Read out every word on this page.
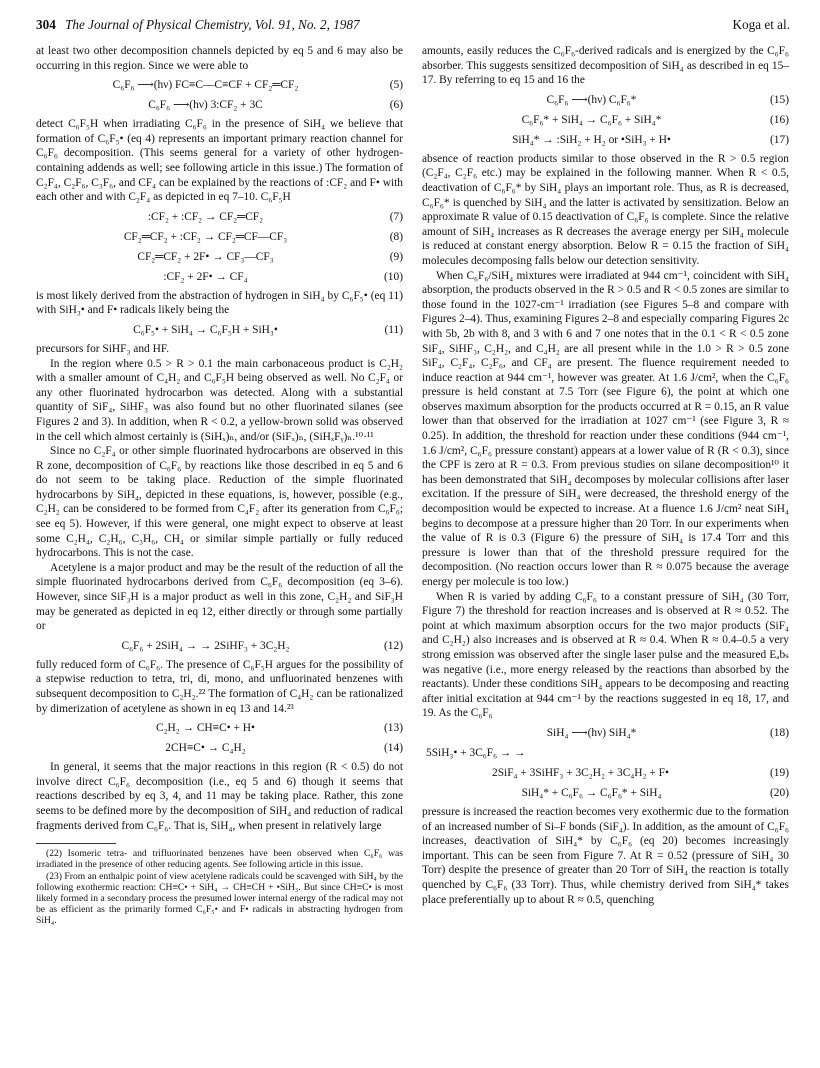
304 The Journal of Physical Chemistry, Vol. 91, No. 2, 1987	Koga et al.

at least two other decomposition channels depicted by eq 5 and 6 may also be occurring in this region. Since we were able to

C₆F₆ ⟶(hν) FC≡C—C≡CF + CF₂═CF₂	(5)
C₆F₆ ⟶(hν) 3:CF₂ + 3C	(6)

detect C₆F₅H when irradiating C₆F₆ in the presence of SiH₄ we believe that formation of C₆F₅• (eq 4) represents an important primary reaction channel for C₆F₆ decomposition. (This seems general for a variety of other hydrogen-containing addends as well; see following article in this issue.) The formation of C₂F₄, C₂F₆, C₃F₆, and CF₄ can be explained by the reactions of :CF₂ and F• with each other and with C₂F₄ as depicted in eq 7–10. C₆F₅H

:CF₂ + :CF₂ → CF₂═CF₂	(7)
CF₂═CF₂ + :CF₂ → CF₂═CF—CF₃	(8)
CF₂═CF₂ + 2F• → CF₃—CF₃	(9)
:CF₂ + 2F• → CF₄	(10)

is most likely derived from the abstraction of hydrogen in SiH₄ by C₆F₅• (eq 11) with SiH₃• and F• radicals likely being the

C₆F₅• + SiH₄ → C₆F₅H + SiH₃•	(11)

precursors for SiHF₃ and HF.

In the region where 0.5 > R > 0.1 the main carbonaceous product is C₂H₂ with a smaller amount of C₄H₂ and C₆F₅H being observed as well. No C₂F₄ or any other fluorinated hydrocarbon was detected. Along with a substantial quantity of SiF₄, SiHF₃ was also found but no other fluorinated silanes (see Figures 2 and 3). In addition, when R < 0.2, a yellow-brown solid was observed in the cell which almost certainly is (SiHₓ)ₙ, and/or (SiFₓ)ₙ, (SiHₓFᵧ)ₙ.¹⁰·¹¹

Since no C₂F₄ or other simple fluorinated hydrocarbons are observed in this R zone, decomposition of C₆F₆ by reactions like those described in eq 5 and 6 do not seem to be taking place. Reduction of the simple fluorinated hydrocarbons by SiH₄, depicted in these equations, is, however, possible (e.g., C₂H₂ can be considered to be formed from C₄F₂ after its generation from C₆F₆; see eq 5). However, if this were general, one might expect to observe at least some C₂H₄, C₂H₆, C₃H₆, CH₄ or similar simple partially or fully reduced hydrocarbons. This is not the case.

Acetylene is a major product and may be the result of the reduction of all the simple fluorinated hydrocarbons derived from C₆F₆ decomposition (eq 3–6). However, since SiF₃H is a major product as well in this zone, C₂H₂ and SiF₃H may be generated as depicted in eq 12, either directly or through some partially or

C₆F₆ + 2SiH₄ → → 2SiHF₃ + 3C₂H₂	(12)

fully reduced form of C₆F₆. The presence of C₆F₅H argues for the possibility of a stepwise reduction to tetra, tri, di, mono, and unfluorinated benzenes with subsequent decomposition to C₂H₂.²² The formation of C₄H₂ can be rationalized by dimerization of acetylene as shown in eq 13 and 14.²³

C₂H₂ → CH≡C• + H•	(13)
2CH≡C• → C₄H₂	(14)

In general, it seems that the major reactions in this region (R < 0.5) do not involve direct C₆F₆ decomposition (i.e., eq 5 and 6) though it seems that reactions described by eq 3, 4, and 11 may be taking place. Rather, this zone seems to be defined more by the decomposition of SiH₄ and reduction of radical fragments derived from C₆F₆. That is, SiH₄, when present in relatively large

(22) Isomeric tetra- and trifluorinated benzenes have been observed when C₆F₆ was irradiated in the presence of other reducing agents. See following article in this issue.

(23) From an enthalpic point of view acetylene radicals could be scavenged with SiH₄ by the following exothermic reaction: CH≡C• + SiH₄ → CH≡CH + •SiH₃. But since CH≡C• is most likely formed in a secondary process the presumed lower internal energy of the radical may not be as efficient as the primarily formed C₆F₅• and F• radicals in abstracting hydrogen from SiH₄.

amounts, easily reduces the C₆F₆-derived radicals and is energized by the C₆F₆ absorber. This suggests sensitized decomposition of SiH₄ as described in eq 15–17. By referring to eq 15 and 16 the

C₆F₆ ⟶(hν) C₆F₆*	(15)
C₆F₆* + SiH₄ → C₆F₆ + SiH₄*	(16)
SiH₄* → :SiH₂ + H₂ or •SiH₃ + H•	(17)

absence of reaction products similar to those observed in the R > 0.5 region (C₂F₄, C₂F₆ etc.) may be explained in the following manner. When R < 0.5, deactivation of C₆F₆* by SiH₄ plays an important role. Thus, as R is decreased, C₆F₆* is quenched by SiH₄ and the latter is activated by sensitization. Below an approximate R value of 0.15 deactivation of C₆F₆ is complete. Since the relative amount of SiH₄ increases as R decreases the average energy per SiH₄ molecule is reduced at constant energy absorption. Below R = 0.15 the fraction of SiH₄ molecules decomposing falls below our detection sensitivity.

When C₆F₆/SiH₄ mixtures were irradiated at 944 cm⁻¹, coincident with SiH₄ absorption, the products observed in the R > 0.5 and R < 0.5 zones are similar to those found in the 1027-cm⁻¹ irradiation (see Figures 5–8 and compare with Figures 2–4). Thus, examining Figures 2–8 and especially comparing Figures 2c with 5b, 2b with 8, and 3 with 6 and 7 one notes that in the 0.1 < R < 0.5 zone SiF₄, SiHF₃, C₂H₂, and C₄H₂ are all present while in the 1.0 > R > 0.5 zone SiF₄, C₂F₄, C₂F₆, and CF₄ are present. The fluence requirement needed to induce reaction at 944 cm⁻¹, however was greater. At 1.6 J/cm², when the C₆F₆ pressure is held constant at 7.5 Torr (see Figure 6), the point at which one observes maximum absorption for the products occurred at R = 0.15, an R value lower than that observed for the irradiation at 1027 cm⁻¹ (see Figure 3, R ≈ 0.25). In addition, the threshold for reaction under these conditions (944 cm⁻¹, 1.6 J/cm², C₆F₆ pressure constant) appears at a lower value of R (R < 0.3), since the CPF is zero at R = 0.3. From previous studies on silane decomposition¹⁰ it has been demonstrated that SiH₄ decomposes by molecular collisions after laser excitation. If the pressure of SiH₄ were decreased, the threshold energy of the decomposition would be expected to increase. At a fluence 1.6 J/cm² neat SiH₄ begins to decompose at a pressure higher than 20 Torr. In our experiments when the value of R is 0.3 (Figure 6) the pressure of SiH₄ is 17.4 Torr and this pressure is lower than that of the threshold pressure required for the decomposition. (No reaction occurs lower than R ≈ 0.075 because the average energy per molecule is too low.)

When R is varied by adding C₆F₆ to a constant pressure of SiH₄ (30 Torr, Figure 7) the threshold for reaction increases and is observed at R ≈ 0.52. The point at which maximum absorption occurs for the two major products (SiF₄ and C₂H₂) also increases and is observed at R ≈ 0.4. When R ≈ 0.4–0.5 a very strong emission was observed after the single laser pulse and the measured Eₐbₛ was negative (i.e., more energy released by the reactions than absorbed by the reactants). Under these conditions SiH₄ appears to be decomposing and reacting after initial excitation at 944 cm⁻¹ by the reactions suggested in eq 18, 17, and 19. As the C₆F₆

SiH₄ ⟶(hν) SiH₄*	(18)
5SiH₃• + 3C₆F₆ → →
2SiF₄ + 3SiHF₃ + 3C₂H₂ + 3C₄H₂ + F•	(19)
SiH₄* + C₆F₆ → C₆F₆* + SiH₄	(20)

pressure is increased the reaction becomes very exothermic due to the formation of an increased number of Si–F bonds (SiF₄). In addition, as the amount of C₆F₆ increases, deactivation of SiH₄* by C₆F₆ (eq 20) becomes increasingly important. This can be seen from Figure 7. At R = 0.52 (pressure of SiH₄ 30 Torr) despite the presence of greater than 20 Torr of SiH₄ the reaction is totally quenched by C₆F₆ (33 Torr). Thus, while chemistry derived from SiH₄* takes place preferentially up to about R ≈ 0.5, quenching
